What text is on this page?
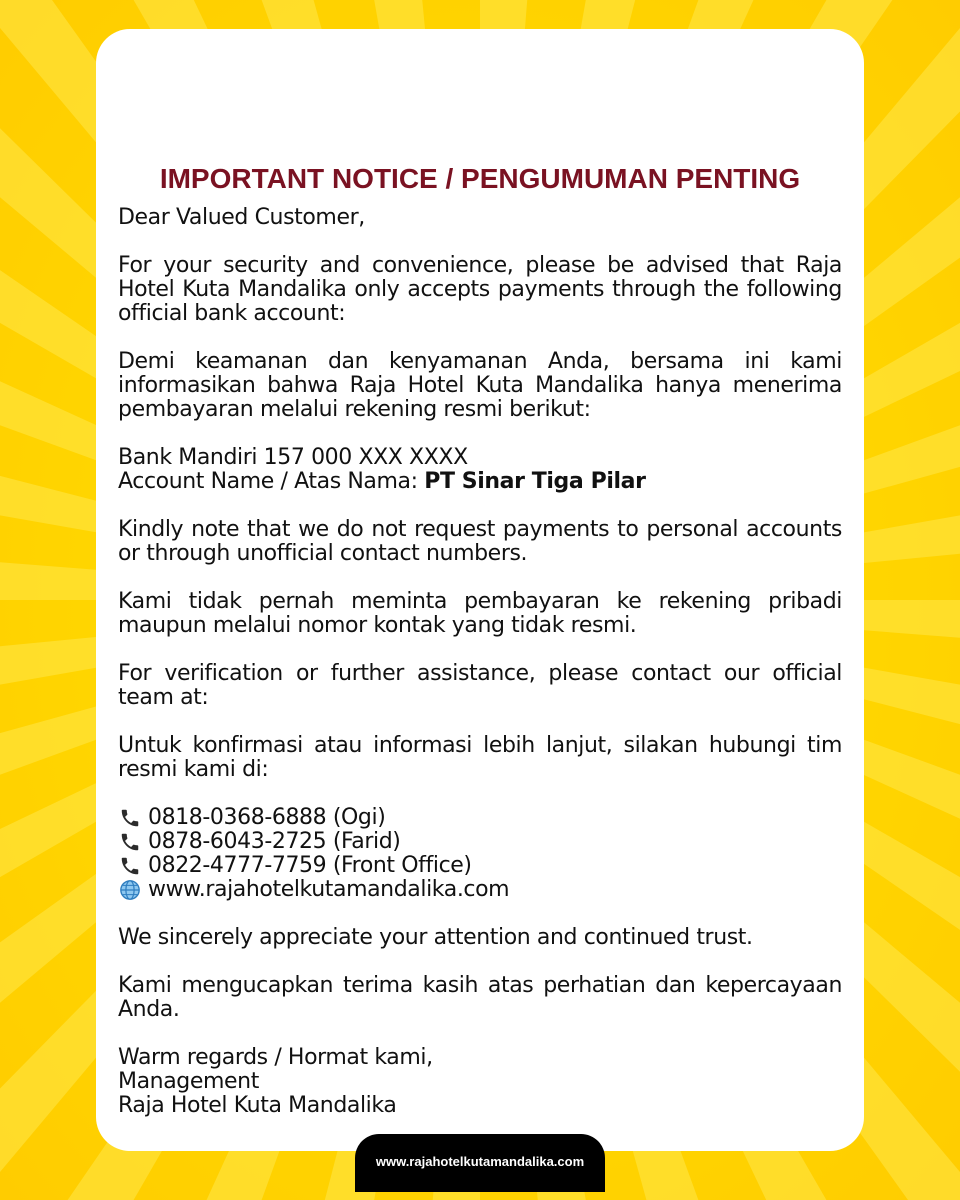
IMPORTANT NOTICE / PENGUMUMAN PENTING

Dear Valued Customer,

For your security and convenience, please be advised that Raja Hotel Kuta Mandalika only accepts payments through the following official bank account:

Demi keamanan dan kenyamanan Anda, bersama ini kami informasikan bahwa Raja Hotel Kuta Mandalika hanya menerima pembayaran melalui rekening resmi berikut:

Bank Mandiri 157 000 XXX XXXX
Account Name / Atas Nama: PT Sinar Tiga Pilar

Kindly note that we do not request payments to personal accounts or through unofficial contact numbers.

Kami tidak pernah meminta pembayaran ke rekening pribadi maupun melalui nomor kontak yang tidak resmi.

For verification or further assistance, please contact our official team at:

Untuk konfirmasi atau informasi lebih lanjut, silakan hubungi tim resmi kami di:

0818-0368-6888 (Ogi)
0878-6043-2725 (Farid)
0822-4777-7759 (Front Office)
www.rajahotelkutamandalika.com

We sincerely appreciate your attention and continued trust.

Kami mengucapkan terima kasih atas perhatian dan kepercayaan Anda.

Warm regards / Hormat kami,
Management
Raja Hotel Kuta Mandalika

www.rajahotelkutamandalika.com
